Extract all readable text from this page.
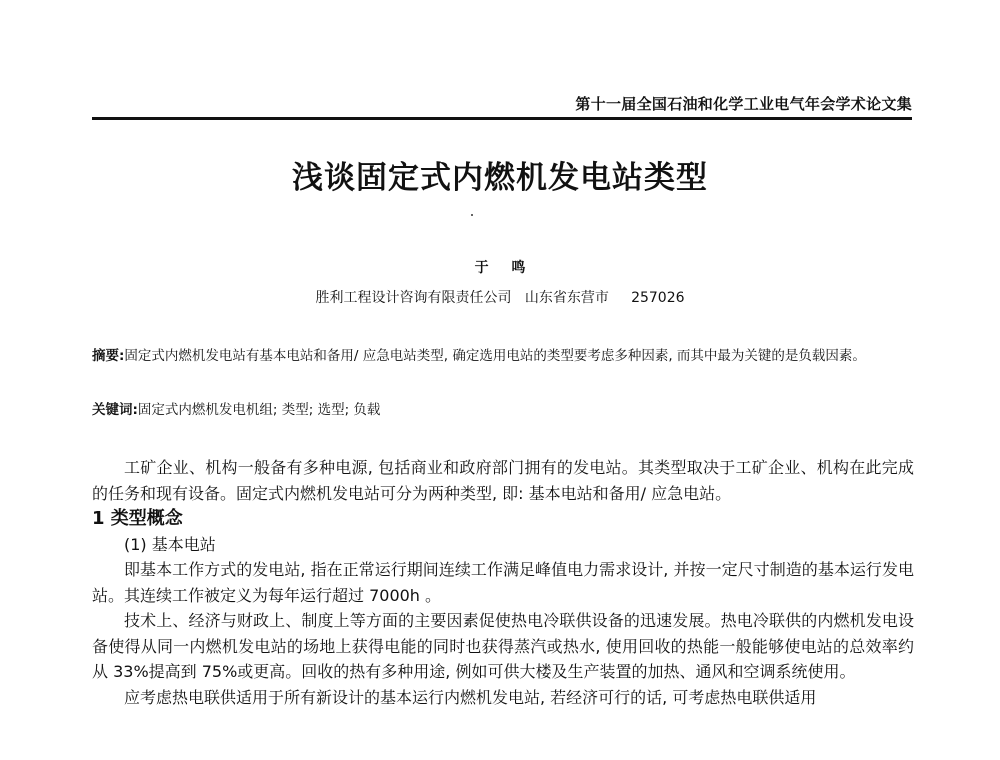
第十一届全国石油和化学工业电气年会学术论文集
浅谈固定式内燃机发电站类型
于 鸣
胜利工程设计咨询有限责任公司   山东省东营市     257026
摘要:固定式内燃机发电站有基本电站和备用/ 应急电站类型, 确定选用电站的类型要考虑多种因素, 而其中最为关键的是负载因素。
关键词:固定式内燃机发电机组; 类型; 选型; 负载

工矿企业、机构一般备有多种电源, 包括商业和政府部门拥有的发电站。其类型取决于工矿企业、机构在此完成的任务和现有设备。固定式内燃机发电站可分为两种类型, 即: 基本电站和备用/ 应急电站。

1 类型概念

(1) 基本电站

即基本工作方式的发电站, 指在正常运行期间连续工作满足峰值电力需求设计, 并按一定尺寸制造的基本运行发电站。其连续工作被定义为每年运行超过 7000h 。

技术上、经济与财政上、制度上等方面的主要因素促使热电冷联供设备的迅速发展。热电冷联供的内燃机发电设备使得从同一内燃机发电站的场地上获得电能的同时也获得蒸汽或热水, 使用回收的热能一般能够使电站的总效率约从 33%提高到 75%或更高。回收的热有多种用途, 例如可供大楼及生产装置的加热、通风和空调系统使用。

应考虑热电联供适用于所有新设计的基本运行内燃机发电站, 若经济可行的话, 可考虑热电联供适用
